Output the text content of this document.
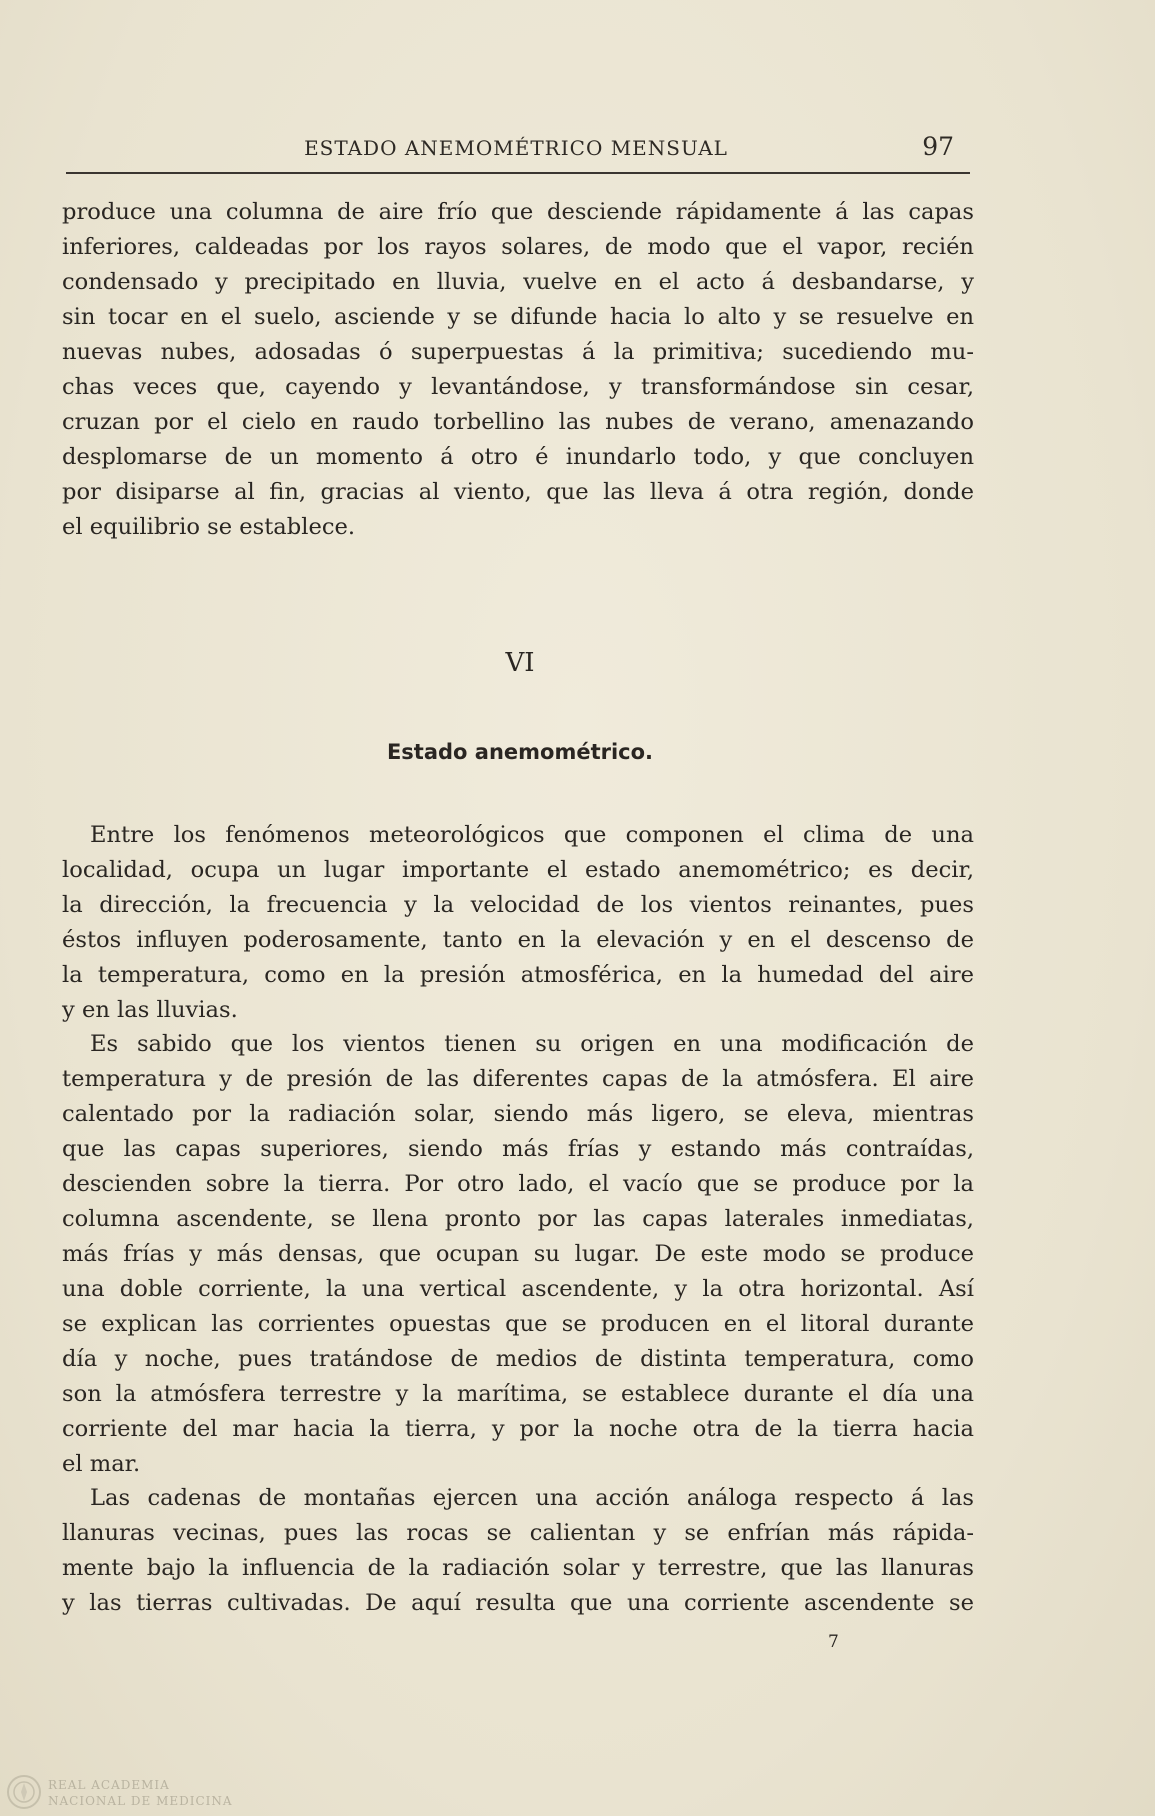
ESTADO ANEMOMÉTRICO MENSUAL	97
produce una columna de aire frío que desciende rápidamente á las capas
inferiores, caldeadas por los rayos solares, de modo que el vapor, recién
condensado y precipitado en lluvia, vuelve en el acto á desbandarse, y
sin tocar en el suelo, asciende y se difunde hacia lo alto y se resuelve en
nuevas nubes, adosadas ó superpuestas á la primitiva; sucediendo mu-
chas veces que, cayendo y levantándose, y transformándose sin cesar,
cruzan por el cielo en raudo torbellino las nubes de verano, amenazando
desplomarse de un momento á otro é inundarlo todo, y que concluyen
por disiparse al fin, gracias al viento, que las lleva á otra región, donde
el equilibrio se establece.
VI
Estado anemométrico.
Entre los fenómenos meteorológicos que componen el clima de una
localidad, ocupa un lugar importante el estado anemométrico; es decir,
la dirección, la frecuencia y la velocidad de los vientos reinantes, pues
éstos influyen poderosamente, tanto en la elevación y en el descenso de
la temperatura, como en la presión atmosférica, en la humedad del aire
y en las lluvias.
Es sabido que los vientos tienen su origen en una modificación de
temperatura y de presión de las diferentes capas de la atmósfera. El aire
calentado por la radiación solar, siendo más ligero, se eleva, mientras
que las capas superiores, siendo más frías y estando más contraídas,
descienden sobre la tierra. Por otro lado, el vacío que se produce por la
columna ascendente, se llena pronto por las capas laterales inmediatas,
más frías y más densas, que ocupan su lugar. De este modo se produce
una doble corriente, la una vertical ascendente, y la otra horizontal. Así
se explican las corrientes opuestas que se producen en el litoral durante
día y noche, pues tratándose de medios de distinta temperatura, como
son la atmósfera terrestre y la marítima, se establece durante el día una
corriente del mar hacia la tierra, y por la noche otra de la tierra hacia
el mar.
Las cadenas de montañas ejercen una acción análoga respecto á las
llanuras vecinas, pues las rocas se calientan y se enfrían más rápida-
mente bajo la influencia de la radiación solar y terrestre, que las llanuras
y las tierras cultivadas. De aquí resulta que una corriente ascendente se
7
REAL ACADEMIA
NACIONAL DE MEDICINA
